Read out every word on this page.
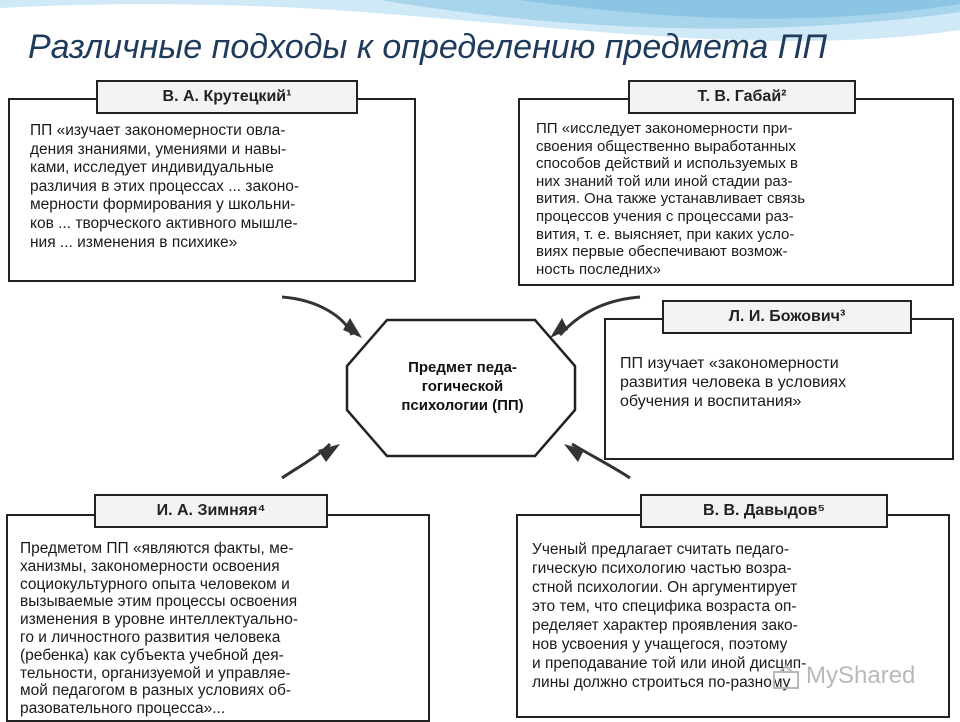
Различные подходы к определению предмета ПП
В. А. Крутецкий¹
ПП «изучает закономерности овла-
дения знаниями, умениями и навы-
ками, исследует индивидуальные
различия в этих процессах ... законо-
мерности формирования у школьни-
ков ... творческого активного мышле-
ния ... изменения в психике»
Т. В. Габай²
ПП «исследует закономерности при-
своения общественно выработанных
способов действий и используемых в
них знаний той или иной стадии раз-
вития. Она также устанавливает связь
процессов учения с процессами раз-
вития, т. е. выясняет, при каких усло-
виях первые обеспечивают возмож-
ность последних»
Л. И. Божович³
ПП изучает «закономерности
развития человека в условиях
обучения и воспитания»
Предмет педа-
гогической
психологии (ПП)
И. А. Зимняя⁴
Предметом ПП «являются факты, ме-
ханизмы, закономерности освоения
социокультурного опыта человеком и
вызываемые этим процессы освоения
изменения в уровне интеллектуально-
го и личностного развития человека
(ребенка) как субъекта учебной дея-
тельности, организуемой и управляе-
мой педагогом в разных условиях об-
разовательного процесса»...
В. В. Давыдов⁵
Ученый предлагает считать педаго-
гическую психологию частью возра-
стной психологии. Он аргументирует
это тем, что специфика возраста оп-
ределяет характер проявления зако-
нов усвоения у учащегося, поэтому
и преподавание той или иной дисцип-
лины должно строиться по-разному MyShared
